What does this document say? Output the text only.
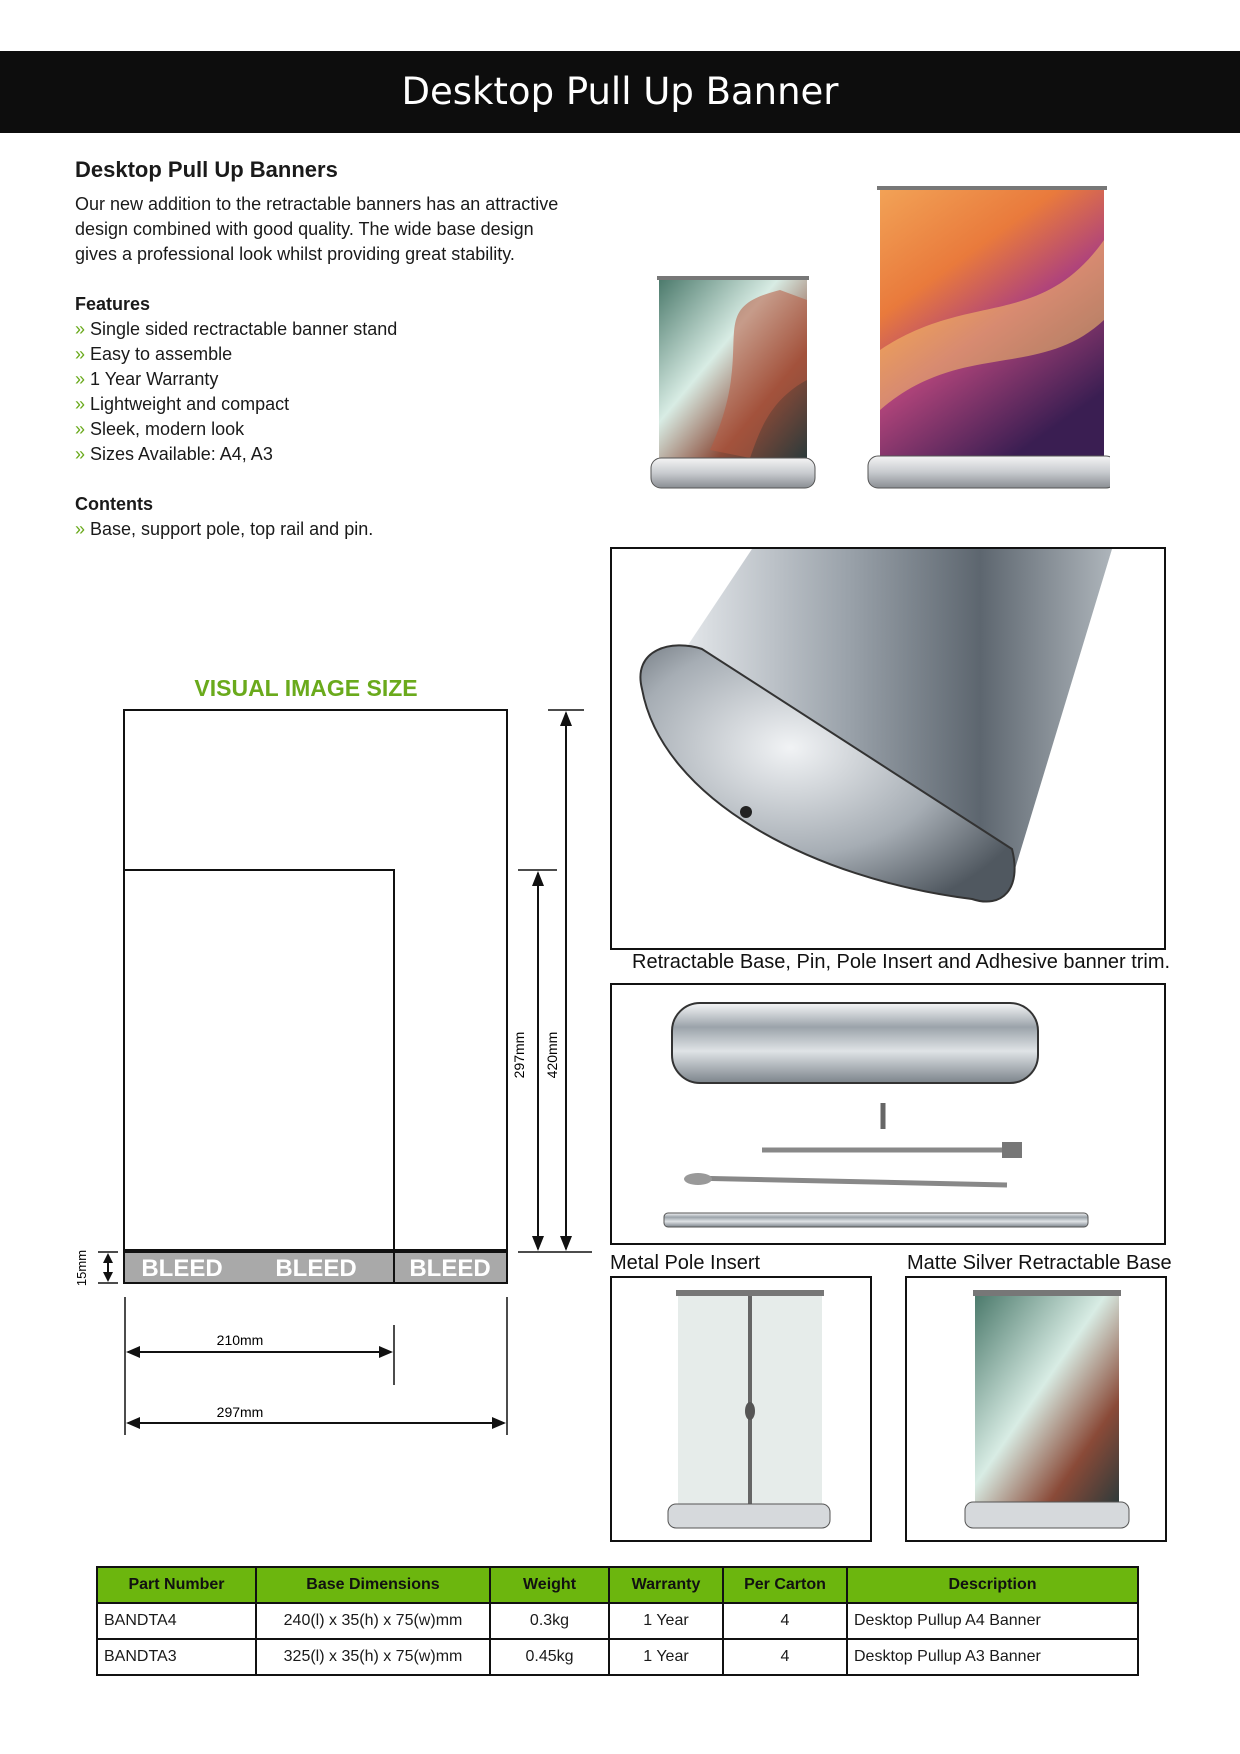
Desktop Pull Up Banner
Desktop Pull Up Banners
Our new addition to the retractable banners has an attractive
design combined with good quality. The wide base design
gives a professional look whilst providing great stability.
Features
» Single sided rectractable banner stand
» Easy to assemble
» 1 Year Warranty
» Lightweight and compact
» Sleek, modern look
» Sizes Available: A4, A3
Contents
» Base, support pole, top rail and pin.
Retractable Base, Pin, Pole Insert and Adhesive banner trim.
Metal Pole Insert	Matte Silver Retractable Base
VISUAL IMAGE SIZE
BLEED BLEED BLEED
15mm
297mm 420mm
210mm
297mm
Part Number	Base Dimensions	Weight	Warranty	Per Carton	Description
BANDTA4	240(l) x 35(h) x 75(w)mm	0.3kg	1 Year	4	Desktop Pullup A4 Banner
BANDTA3	325(l) x 35(h) x 75(w)mm	0.45kg	1 Year	4	Desktop Pullup A3 Banner
